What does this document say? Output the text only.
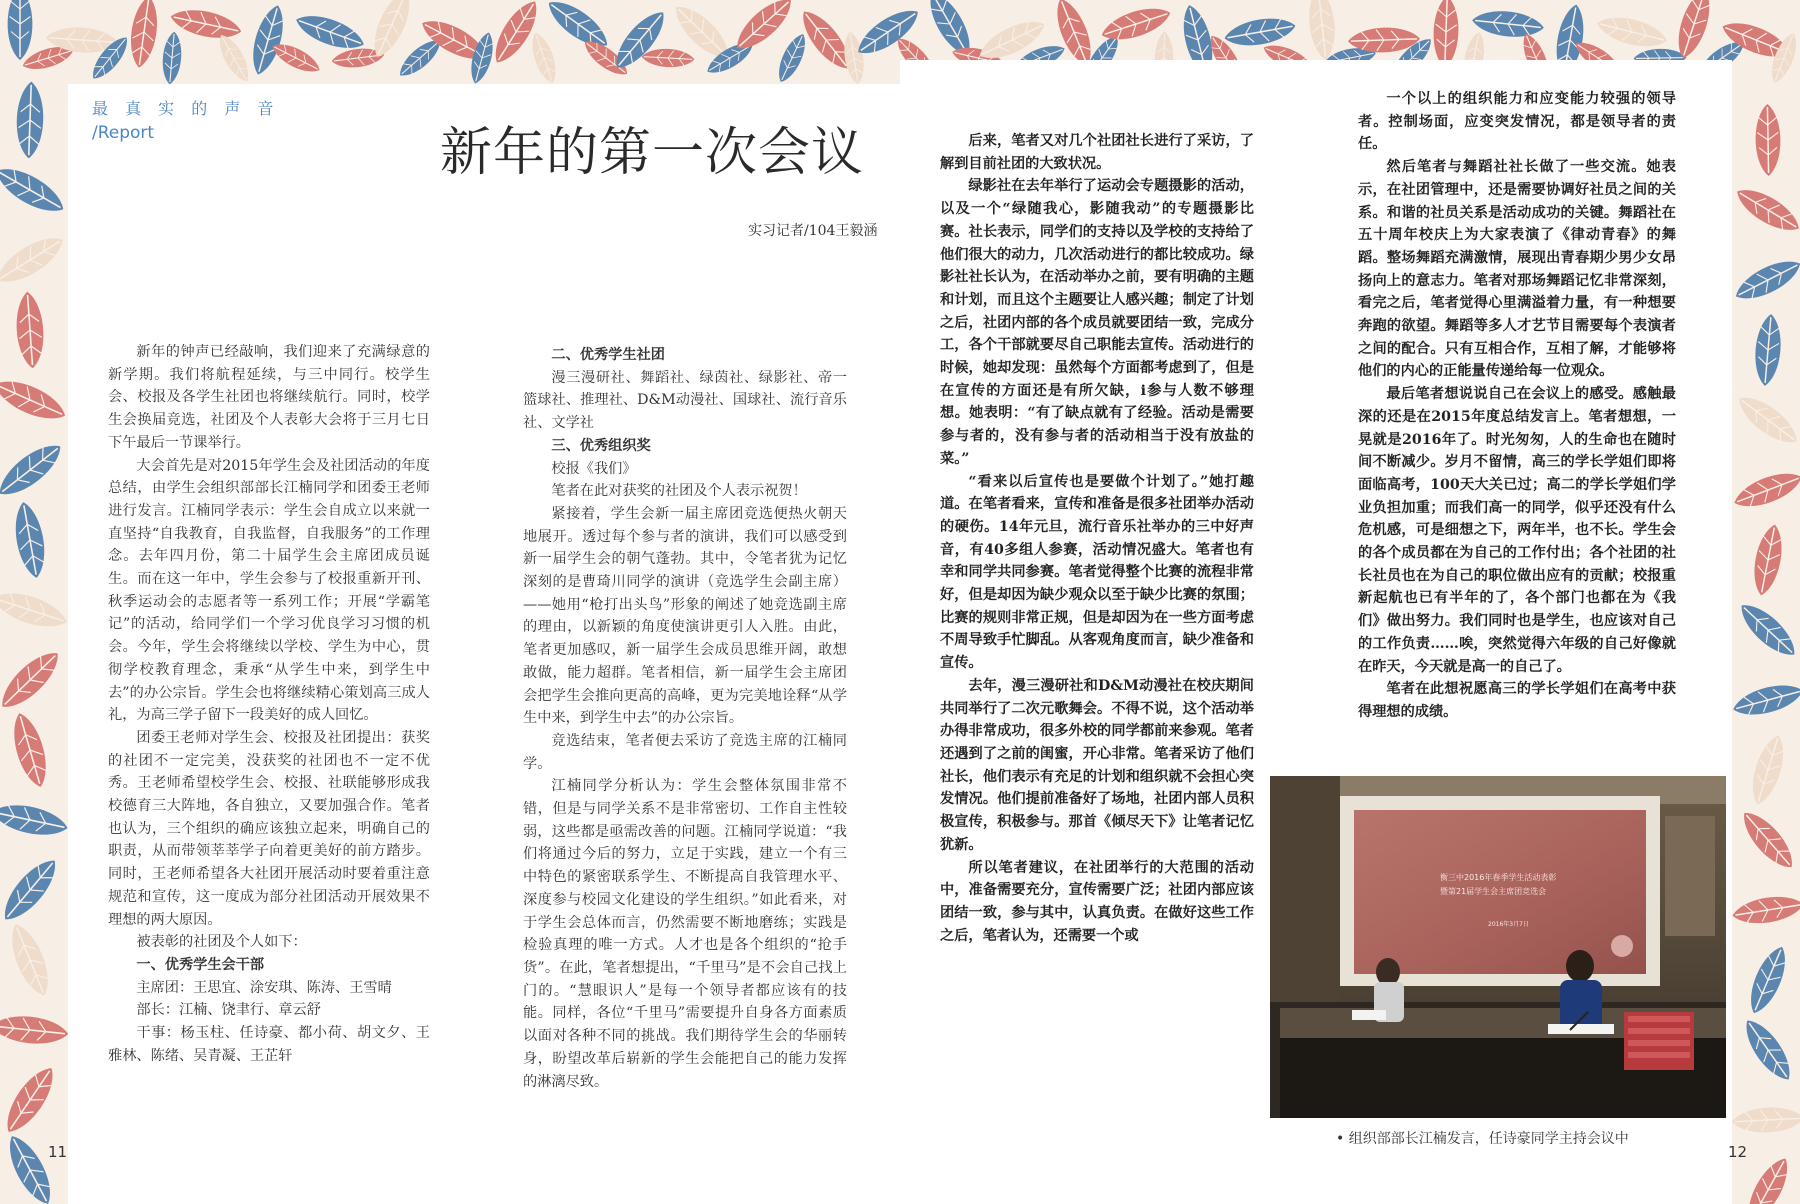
最 真 实 的 声 音
/Report	新年的第一次会议
实习记者/104王毅涵

新年的钟声已经敲响，我们迎来了充满绿意的新学期。我们将航程延续，与三中同行。校学生会、校报及各学生社团也将继续航行。同时，校学生会换届竞选，社团及个人表彰大会将于三月七日下午最后一节课举行。

大会首先是对2015年学生会及社团活动的年度总结，由学生会组织部部长江楠同学和团委王老师进行发言。江楠同学表示：学生会自成立以来就一直坚持“自我教育，自我监督，自我服务”的工作理念。去年四月份，第二十届学生会主席团成员诞生。而在这一年中，学生会参与了校报重新开刊、秋季运动会的志愿者等一系列工作；开展“学霸笔记”的活动，给同学们一个学习优良学习习惯的机会。今年，学生会将继续以学校、学生为中心，贯彻学校教育理念，秉承“从学生中来，到学生中去”的办公宗旨。学生会也将继续精心策划高三成人礼，为高三学子留下一段美好的成人回忆。

团委王老师对学生会、校报及社团提出：获奖的社团不一定完美，没获奖的社团也不一定不优秀。王老师希望校学生会、校报、社联能够形成我校德育三大阵地，各自独立，又要加强合作。笔者也认为，三个组织的确应该独立起来，明确自己的职责，从而带领莘莘学子向着更美好的前方踏步。同时，王老师希望各大社团开展活动时要着重注意规范和宣传，这一度成为部分社团活动开展效果不理想的两大原因。

被表彰的社团及个人如下：

一、优秀学生会干部

主席团：王思宜、涂安琪、陈涛、王雪晴

部长：江楠、饶聿行、章云舒

干事：杨玉柱、任诗豪、都小荷、胡文夕、王雅林、陈绪、吴青凝、王芷轩

二、优秀学生社团

漫三漫研社、舞蹈社、绿茵社、绿影社、帝一篮球社、推理社、D&M动漫社、国球社、流行音乐社、文学社

三、优秀组织奖

校报《我们》

笔者在此对获奖的社团及个人表示祝贺！

紧接着，学生会新一届主席团竞选便热火朝天地展开。透过每个参与者的演讲，我们可以感受到新一届学生会的朝气蓬勃。其中，令笔者犹为记忆深刻的是曹琦川同学的演讲（竞选学生会副主席）——她用“枪打出头鸟”形象的阐述了她竞选副主席的理由，以新颖的角度使演讲更引人入胜。由此，笔者更加感叹，新一届学生会成员思维开阔，敢想敢做，能力超群。笔者相信，新一届学生会主席团会把学生会推向更高的高峰，更为完美地诠释“从学生中来，到学生中去”的办公宗旨。

竞选结束，笔者便去采访了竞选主席的江楠同学。

江楠同学分析认为：学生会整体氛围非常不错，但是与同学关系不是非常密切、工作自主性较弱，这些都是亟需改善的问题。江楠同学说道：“我们将通过今后的努力，立足于实践，建立一个有三中特色的紧密联系学生、不断提高自我管理水平、深度参与校园文化建设的学生组织。”如此看来，对于学生会总体而言，仍然需要不断地磨练；实践是检验真理的唯一方式。人才也是各个组织的“抢手货”。在此，笔者想提出，“千里马”是不会自己找上门的。“慧眼识人”是每一个领导者都应该有的技能。同样，各位“千里马”需要提升自身各方面素质以面对各种不同的挑战。我们期待学生会的华丽转身，盼望改革后崭新的学生会能把自己的能力发挥的淋漓尽致。

后来，笔者又对几个社团社长进行了采访，了解到目前社团的大致状况。

绿影社在去年举行了运动会专题摄影的活动，以及一个“绿随我心，影随我动”的专题摄影比赛。社长表示，同学们的支持以及学校的支持给了他们很大的动力，几次活动进行的都比较成功。绿影社社长认为，在活动举办之前，要有明确的主题和计划，而且这个主题要让人感兴趣；制定了计划之后，社团内部的各个成员就要团结一致，完成分工，各个干部就要尽自己职能去宣传。活动进行的时候，她却发现：虽然每个方面都考虑到了，但是在宣传的方面还是有所欠缺，i参与人数不够理想。她表明：“有了缺点就有了经验。活动是需要参与者的，没有参与者的活动相当于没有放盐的菜。”

“看来以后宣传也是要做个计划了。”她打趣道。在笔者看来，宣传和准备是很多社团举办活动的硬伤。14年元旦，流行音乐社举办的三中好声音，有40多组人参赛，活动情况盛大。笔者也有幸和同学共同参赛。笔者觉得整个比赛的流程非常好，但是却因为缺少观众以至于缺少比赛的氛围；比赛的规则非常正规，但是却因为在一些方面考虑不周导致手忙脚乱。从客观角度而言，缺少准备和宣传。

去年，漫三漫研社和D&M动漫社在校庆期间共同举行了二次元歌舞会。不得不说，这个活动举办得非常成功，很多外校的同学都前来参观。笔者还遇到了之前的闺蜜，开心非常。笔者采访了他们社长，他们表示有充足的计划和组织就不会担心突发情况。他们提前准备好了场地，社团内部人员积极宣传，积极参与。那首《倾尽天下》让笔者记忆犹新。

所以笔者建议，在社团举行的大范围的活动中，准备需要充分，宣传需要广泛；社团内部应该团结一致，参与其中，认真负责。在做好这些工作之后，笔者认为，还需要一个或

一个以上的组织能力和应变能力较强的领导者。控制场面，应变突发情况，都是领导者的责任。

然后笔者与舞蹈社社长做了一些交流。她表示，在社团管理中，还是需要协调好社员之间的关系。和谐的社员关系是活动成功的关键。舞蹈社在五十周年校庆上为大家表演了《律动青春》的舞蹈。整场舞蹈充满激情，展现出青春期少男少女昂扬向上的意志力。笔者对那场舞蹈记忆非常深刻，看完之后，笔者觉得心里满溢着力量，有一种想要奔跑的欲望。舞蹈等多人才艺节目需要每个表演者之间的配合。只有互相合作，互相了解，才能够将他们的内心的正能量传递给每一位观众。

最后笔者想说说自己在会议上的感受。感触最深的还是在2015年度总结发言上。笔者想想，一晃就是2016年了。时光匆匆，人的生命也在随时间不断减少。岁月不留情，高三的学长学姐们即将面临高考，100天大关已过；高二的学长学姐们学业负担加重；而我们高一的同学，似乎还没有什么危机感，可是细想之下，两年半，也不长。学生会的各个成员都在为自己的工作付出；各个社团的社长社员也在为自己的职位做出应有的贡献；校报重新起航也已有半年的了，各个部门也都在为《我们》做出努力。我们同时也是学生，也应该对自己的工作负责……唉，突然觉得六年级的自己好像就在昨天，今天就是高一的自己了。

笔者在此想祝愿高三的学长学姐们在高考中获得理想的成绩。

衡三中2016年春季学生活动表彰
暨第21届学生会主席团竞选会
2016年3月7日
• 组织部部长江楠发言，任诗豪同学主持会议中
11	12
